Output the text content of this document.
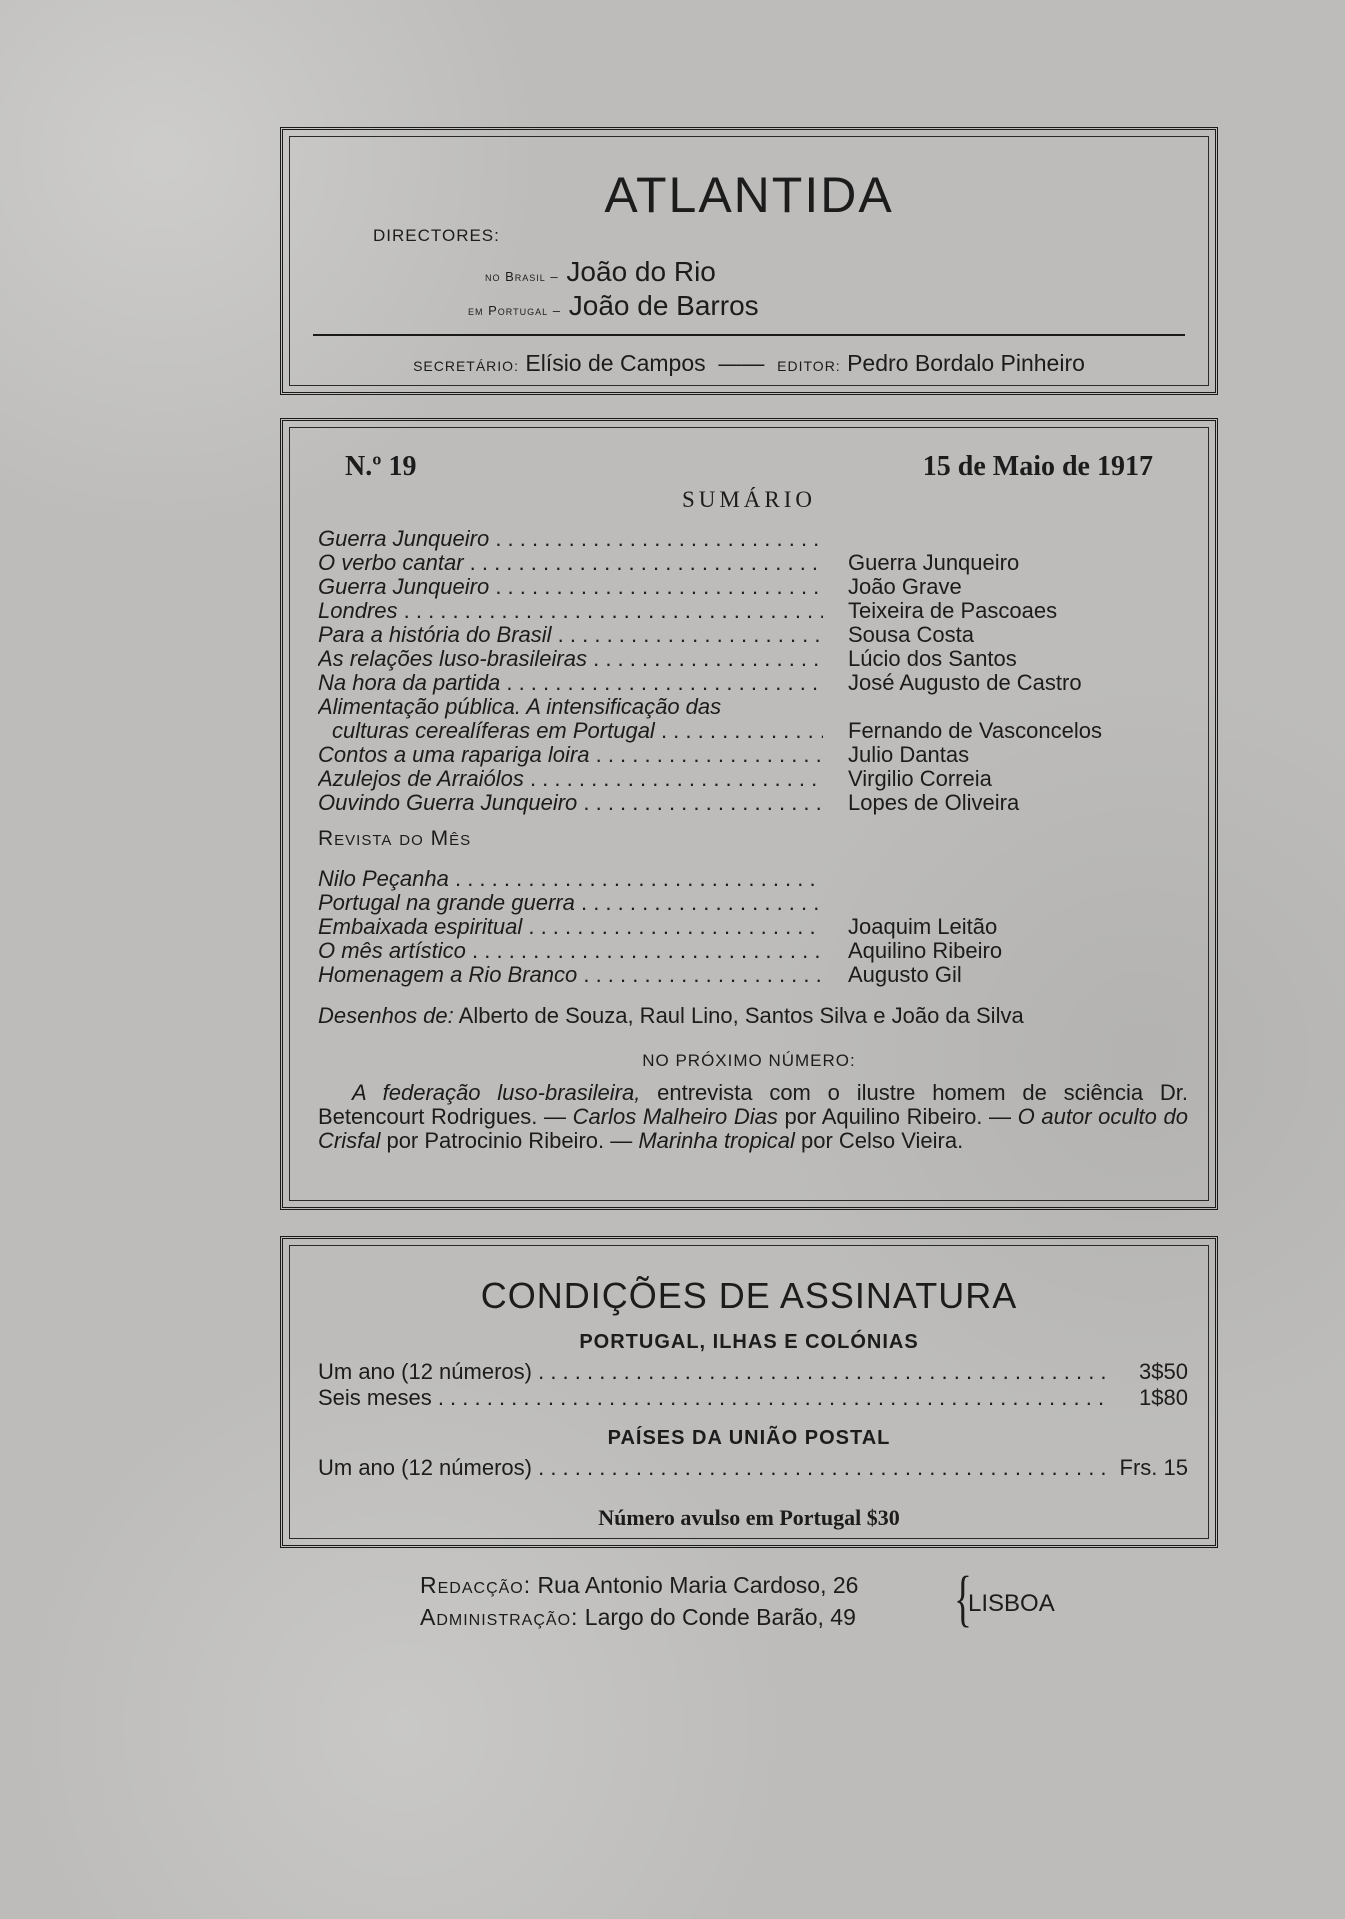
ATLANTIDA
DIRECTORES:
no Brasil – João do Rio
em Portugal – João de Barros
SECRETÁRIO: Elísio de Campos  ——  EDITOR: Pedro Bordalo Pinheiro
N.º 19	15 de Maio de 1917
SUMÁRIO
Guerra Junqueiro . . .
O verbo cantar . . .	Guerra Junqueiro
Guerra Junqueiro . . .	João Grave
Londres . . .	Teixeira de Pascoaes
Para a história do Brasil . . .	Sousa Costa
As relações luso-brasileiras . . .	Lúcio dos Santos
Na hora da partida . . .	José Augusto de Castro
Alimentação pública. A intensificação das
culturas cerealíferas em Portugal . . .	Fernando de Vasconcelos
Contos a uma rapariga loira . . .	Julio Dantas
Azulejos de Arraiólos . . .	Virgilio Correia
Ouvindo Guerra Junqueiro . . .	Lopes de Oliveira
Revista do Mês
Nilo Peçanha . . .
Portugal na grande guerra . . .
Embaixada espiritual . . .	Joaquim Leitão
O mês artístico . . .	Aquilino Ribeiro
Homenagem a Rio Branco . . .	Augusto Gil
Desenhos de: Alberto de Souza, Raul Lino, Santos Silva e João da Silva
NO PRÓXIMO NÚMERO:
A federação luso-brasileira, entrevista com o ilustre homem de sciência Dr. Betencourt Rodrigues. — Carlos Malheiro Dias por Aquilino Ribeiro. — O autor oculto do Crisfal por Patrocinio Ribeiro. — Marinha tropical por Celso Vieira.
CONDIÇÕES DE ASSINATURA
PORTUGAL, ILHAS E COLÓNIAS
Um ano (12 números) . . .	3$50
Seis meses . . .	1$80
PAÍSES DA UNIÃO POSTAL
Um ano (12 números) . . .	Frs. 15
Número avulso em Portugal $30
Redacção: Rua Antonio Maria Cardoso, 26
Administração: Largo do Conde Barão, 49 {
LISBOA
